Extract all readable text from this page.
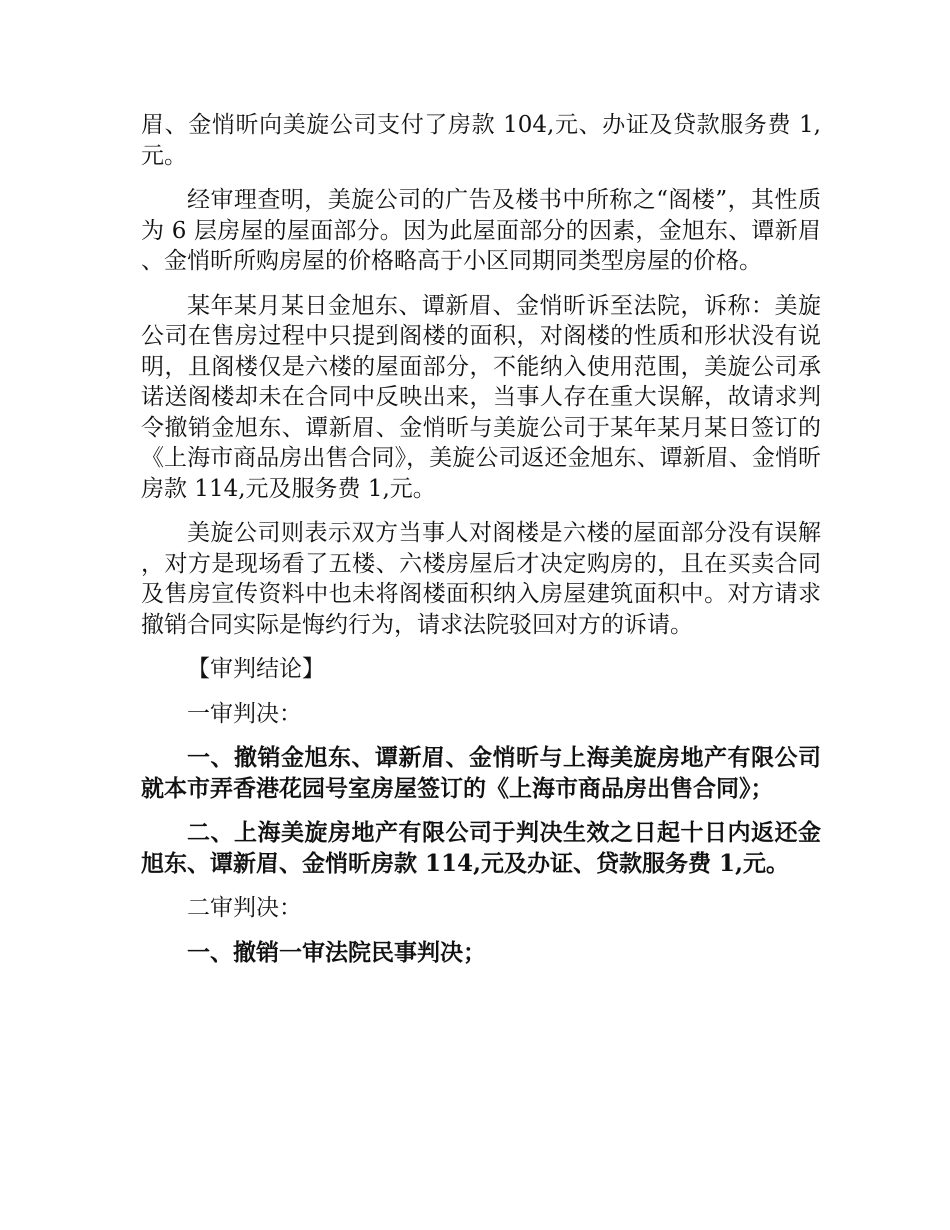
眉、金悄昕向美旋公司支付了房款 104,元、办证及贷款服务费 1,元。

经审理查明，美旋公司的广告及楼书中所称之“阁楼”，其性质为 6 层房屋的屋面部分。因为此屋面部分的因素，金旭东、谭新眉、金悄昕所购房屋的价格略高于小区同期同类型房屋的价格。

某年某月某日金旭东、谭新眉、金悄昕诉至法院，诉称：美旋公司在售房过程中只提到阁楼的面积，对阁楼的性质和形状没有说明，且阁楼仅是六楼的屋面部分，不能纳入使用范围，美旋公司承诺送阁楼却未在合同中反映出来，当事人存在重大误解，故请求判令撤销金旭东、谭新眉、金悄昕与美旋公司于某年某月某日签订的《上海市商品房出售合同》，美旋公司返还金旭东、谭新眉、金悄昕房款 114,元及服务费 1,元。

美旋公司则表示双方当事人对阁楼是六楼的屋面部分没有误解，对方是现场看了五楼、六楼房屋后才决定购房的，且在买卖合同及售房宣传资料中也未将阁楼面积纳入房屋建筑面积中。对方请求撤销合同实际是悔约行为，请求法院驳回对方的诉请。

【审判结论】

一审判决：

一、撤销金旭东、谭新眉、金悄昕与上海美旋房地产有限公司就本市弄香港花园号室房屋签订的《上海市商品房出售合同》；

二、上海美旋房地产有限公司于判决生效之日起十日内返还金旭东、谭新眉、金悄昕房款 114,元及办证、贷款服务费 1,元。

二审判决：

一、撤销一审法院民事判决；
